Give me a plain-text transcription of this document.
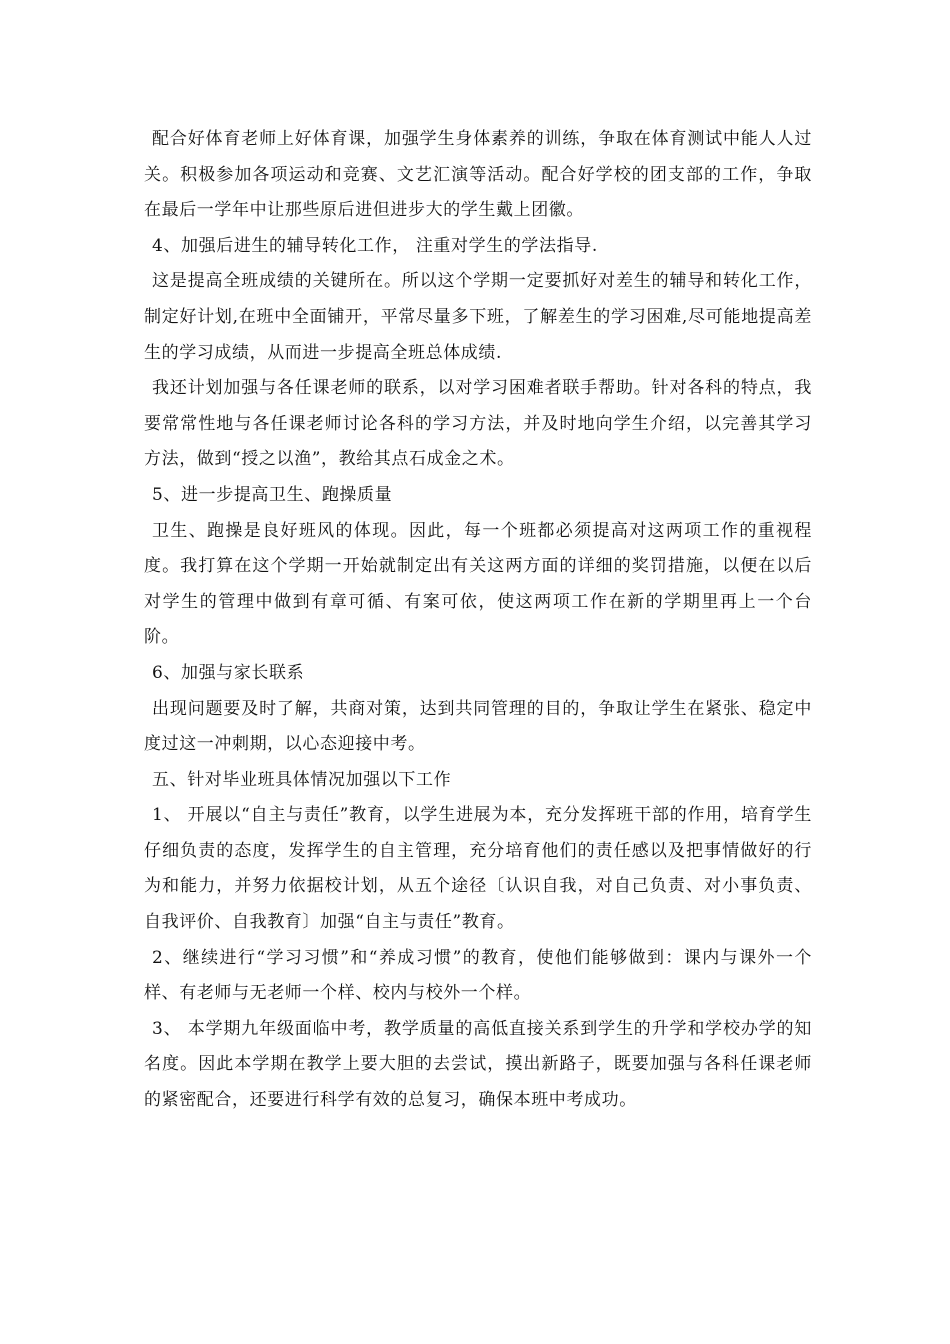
配合好体育老师上好体育课，加强学生身体素养的训练，争取在体育测试中能人人过关。积极参加各项运动和竞赛、文艺汇演等活动。配合好学校的团支部的工作，争取在最后一学年中让那些原后进但进步大的学生戴上团徽。

4、加强后进生的辅导转化工作， 注重对学生的学法指导.

这是提高全班成绩的关键所在。所以这个学期一定要抓好对差生的辅导和转化工作，制定好计划,在班中全面铺开，平常尽量多下班，了解差生的学习困难,尽可能地提高差生的学习成绩，从而进一步提高全班总体成绩.

我还计划加强与各任课老师的联系，以对学习困难者联手帮助。针对各科的特点，我要常常性地与各任课老师讨论各科的学习方法，并及时地向学生介绍，以完善其学习方法，做到“授之以渔”，教给其点石成金之术。

5、进一步提高卫生、跑操质量

卫生、跑操是良好班风的体现。因此，每一个班都必须提高对这两项工作的重视程度。我打算在这个学期一开始就制定出有关这两方面的详细的奖罚措施，以便在以后对学生的管理中做到有章可循、有案可依，使这两项工作在新的学期里再上一个台阶。

6、加强与家长联系

出现问题要及时了解，共商对策，达到共同管理的目的，争取让学生在紧张、稳定中度过这一冲刺期，以心态迎接中考。

五、针对毕业班具体情况加强以下工作

1、 开展以“自主与责任”教育，以学生进展为本，充分发挥班干部的作用，培育学生仔细负责的态度，发挥学生的自主管理，充分培育他们的责任感以及把事情做好的行为和能力，并努力依据校计划，从五个途径〔认识自我，对自己负责、对小事负责、自我评价、自我教育〕加强“自主与责任”教育。

2、继续进行“学习习惯”和“养成习惯”的教育，使他们能够做到：课内与课外一个样、有老师与无老师一个样、校内与校外一个样。

3、 本学期九年级面临中考，教学质量的高低直接关系到学生的升学和学校办学的知名度。因此本学期在教学上要大胆的去尝试，摸出新路子，既要加强与各科任课老师的紧密配合，还要进行科学有效的总复习，确保本班中考成功。
